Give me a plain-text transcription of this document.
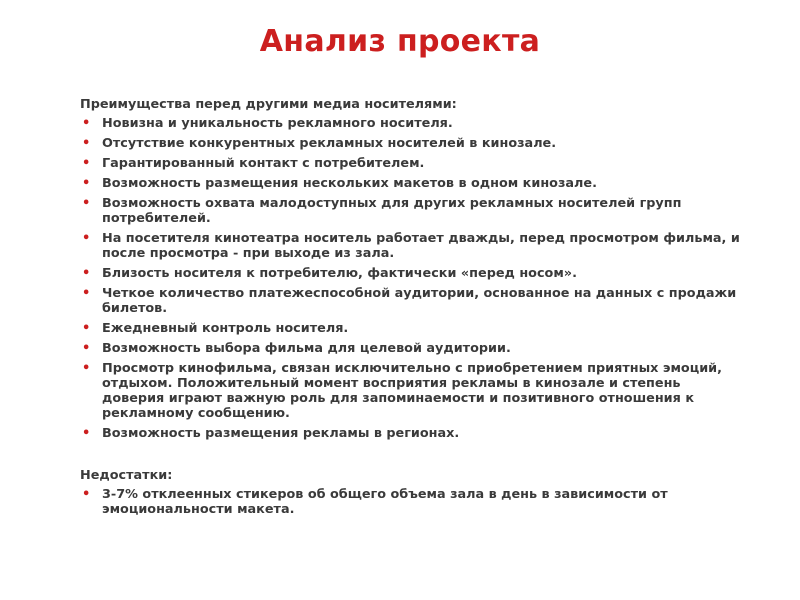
Анализ проекта
Преимущества перед другими медиа носителями:
• Новизна и уникальность рекламного носителя.
• Отсутствие конкурентных рекламных носителей в кинозале.
• Гарантированный контакт с потребителем.
• Возможность размещения нескольких макетов в одном кинозале.
• Возможность охвата малодоступных для других рекламных носителей групп потребителей.
• На посетителя кинотеатра носитель работает дважды, перед просмотром фильма, и после просмотра - при выходе из зала.
• Близость носителя к потребителю, фактически «перед носом».
• Четкое количество платежеспособной аудитории, основанное на данных с продажи билетов.
• Ежедневный контроль носителя.
• Возможность выбора фильма для целевой аудитории.
• Просмотр кинофильма, связан исключительно с приобретением приятных эмоций, отдыхом. Положительный момент восприятия рекламы в кинозале и степень доверия играют важную роль для запоминаемости и позитивного отношения к рекламному сообщению.
• Возможность размещения рекламы в регионах.
Недостатки:
• 3-7% отклеенных стикеров об общего объема зала в день в зависимости от эмоциональности макета.
